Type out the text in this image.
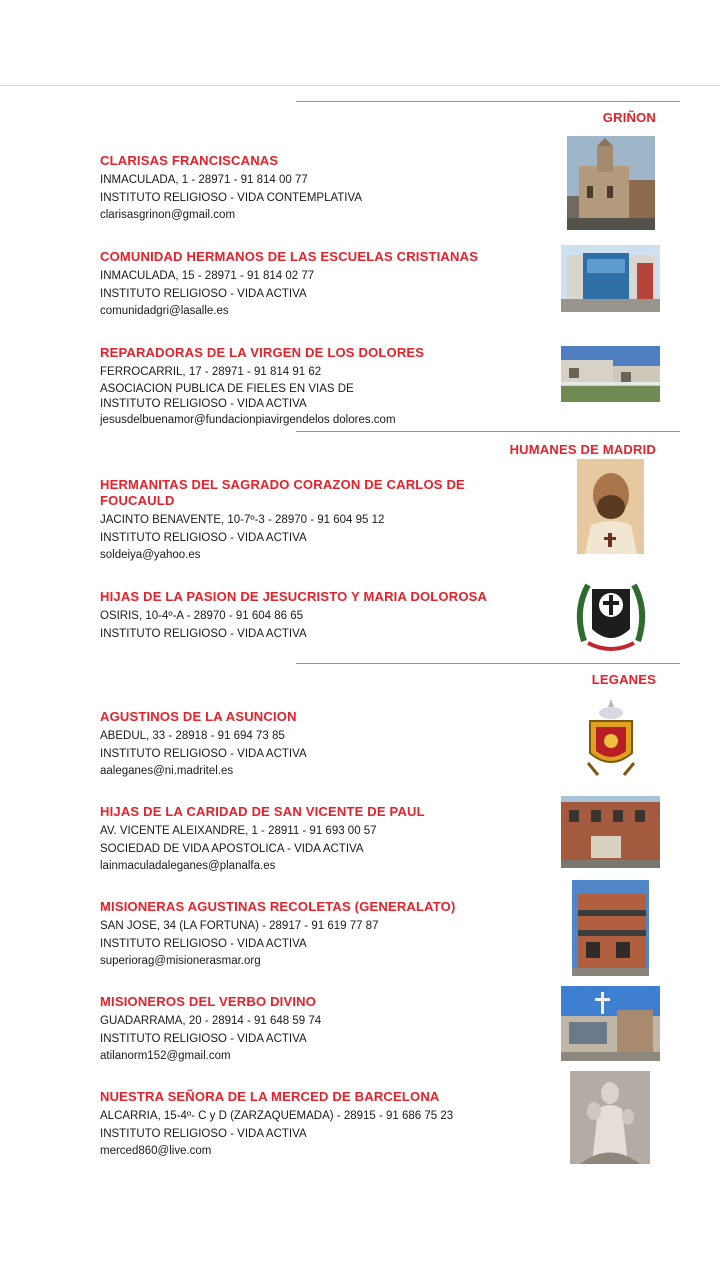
GRIÑON
CLARISAS FRANCISCANAS
INMACULADA, 1 - 28971 - 91 814 00 77
INSTITUTO RELIGIOSO - VIDA CONTEMPLATIVA
clarisasgrinon@gmail.com
COMUNIDAD HERMANOS DE LAS ESCUELAS CRISTIANAS
INMACULADA, 15 - 28971 - 91 814 02 77
INSTITUTO RELIGIOSO - VIDA ACTIVA
comunidadgri@lasalle.es
REPARADORAS DE LA VIRGEN DE LOS DOLORES
FERROCARRIL, 17 - 28971 - 91 814 91 62
ASOCIACION PUBLICA DE FIELES EN VIAS DE
INSTITUTO RELIGIOSO - VIDA ACTIVA
jesusdelbuenamor@fundacionpiavirgendelos dolores.com
HUMANES DE MADRID
HERMANITAS DEL SAGRADO CORAZON DE CARLOS DE FOUCAULD
JACINTO BENAVENTE, 10-7º-3 - 28970 - 91 604 95 12
INSTITUTO RELIGIOSO - VIDA ACTIVA
soldeiya@yahoo.es
HIJAS DE LA PASION DE JESUCRISTO Y MARIA DOLOROSA
OSIRIS, 10-4º-A - 28970 - 91 604 86 65
INSTITUTO RELIGIOSO - VIDA ACTIVA
LEGANES
AGUSTINOS DE LA ASUNCION
ABEDUL, 33 - 28918 - 91 694 73 85
INSTITUTO RELIGIOSO - VIDA ACTIVA
aaleganes@ni.madritel.es
HIJAS DE LA CARIDAD DE SAN VICENTE DE PAUL
AV. VICENTE ALEIXANDRE, 1 - 28911 - 91 693 00 57
SOCIEDAD DE VIDA APOSTOLICA - VIDA ACTIVA
lainmaculadaleganes@planalfa.es
MISIONERAS AGUSTINAS RECOLETAS (GENERALATO)
SAN JOSE, 34 (LA FORTUNA) - 28917 - 91 619 77 87
INSTITUTO RELIGIOSO - VIDA ACTIVA
superiorag@misionerasmar.org
MISIONEROS DEL VERBO DIVINO
GUADARRAMA, 20 - 28914 - 91 648 59 74
INSTITUTO RELIGIOSO - VIDA ACTIVA
atilanorm152@gmail.com
NUESTRA SEÑORA DE LA MERCED DE BARCELONA
ALCARRIA, 15-4º- C y D (ZARZAQUEMADA) - 28915 - 91 686 75 23
INSTITUTO RELIGIOSO - VIDA ACTIVA
merced860@live.com
